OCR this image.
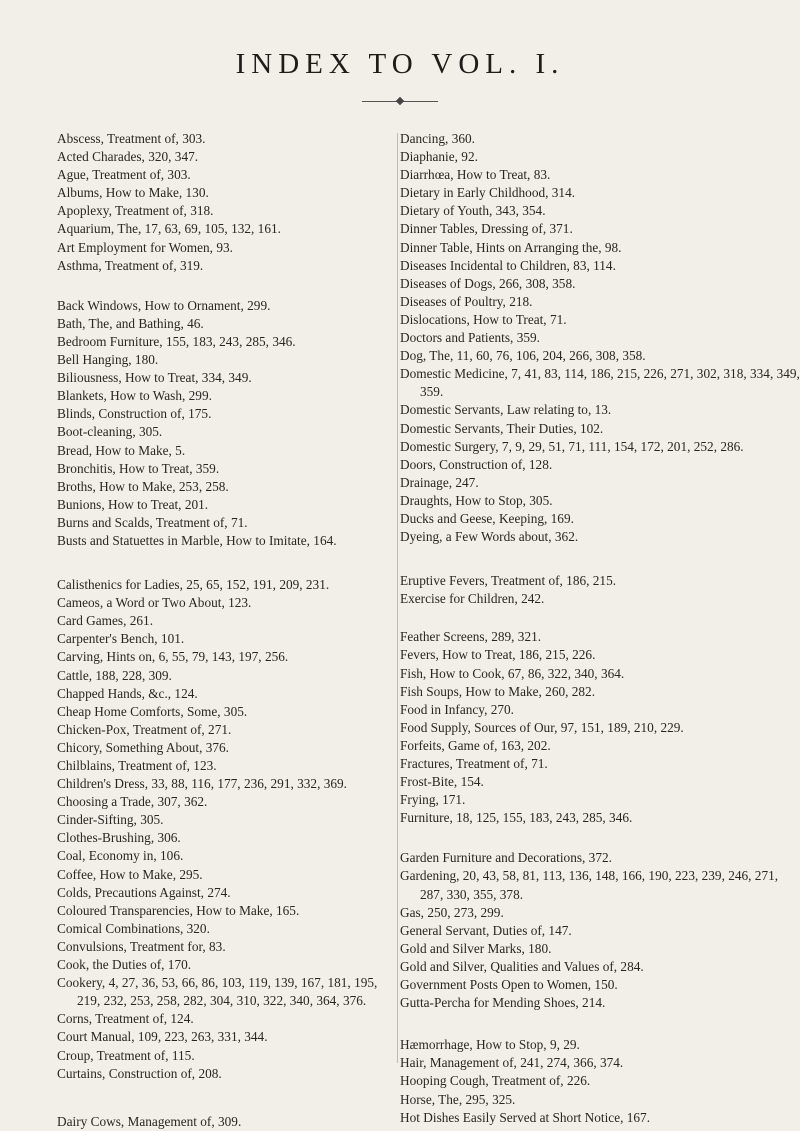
INDEX TO VOL. I.
Abscess, Treatment of, 303.
Acted Charades, 320, 347.
Ague, Treatment of, 303.
Albums, How to Make, 130.
Apoplexy, Treatment of, 318.
Aquarium, The, 17, 63, 69, 105, 132, 161.
Art Employment for Women, 93.
Asthma, Treatment of, 319.
Back Windows, How to Ornament, 299.
Bath, The, and Bathing, 46.
Bedroom Furniture, 155, 183, 243, 285, 346.
Bell Hanging, 180.
Biliousness, How to Treat, 334, 349.
Blankets, How to Wash, 299.
Blinds, Construction of, 175.
Boot-cleaning, 305.
Bread, How to Make, 5.
Bronchitis, How to Treat, 359.
Broths, How to Make, 253, 258.
Bunions, How to Treat, 201.
Burns and Scalds, Treatment of, 71.
Busts and Statuettes in Marble, How to Imitate, 164.
Calisthenics for Ladies, 25, 65, 152, 191, 209, 231.
Cameos, a Word or Two About, 123.
Card Games, 261.
Carpenter's Bench, 101.
Carving, Hints on, 6, 55, 79, 143, 197, 256.
Cattle, 188, 228, 309.
Chapped Hands, &c., 124.
Cheap Home Comforts, Some, 305.
Chicken-Pox, Treatment of, 271.
Chicory, Something About, 376.
Chilblains, Treatment of, 123.
Children's Dress, 33, 88, 116, 177, 236, 291, 332, 369.
Choosing a Trade, 307, 362.
Cinder-Sifting, 305.
Clothes-Brushing, 306.
Coal, Economy in, 106.
Coffee, How to Make, 295.
Colds, Precautions Against, 274.
Coloured Transparencies, How to Make, 165.
Comical Combinations, 320.
Convulsions, Treatment for, 83.
Cook, the Duties of, 170.
Cookery, 4, 27, 36, 53, 66, 86, 103, 119, 139, 167, 181, 195, 219, 232, 253, 258, 282, 304, 310, 322, 340, 364, 376.
Corns, Treatment of, 124.
Court Manual, 109, 223, 263, 331, 344.
Croup, Treatment of, 115.
Curtains, Construction of, 208.
Dairy Cows, Management of, 309.
Dancing, 360.
Diaphanie, 92.
Diarrhœa, How to Treat, 83.
Dietary in Early Childhood, 314.
Dietary of Youth, 343, 354.
Dinner Tables, Dressing of, 371.
Dinner Table, Hints on Arranging the, 98.
Diseases Incidental to Children, 83, 114.
Diseases of Dogs, 266, 308, 358.
Diseases of Poultry, 218.
Dislocations, How to Treat, 71.
Doctors and Patients, 359.
Dog, The, 11, 60, 76, 106, 204, 266, 308, 358.
Domestic Medicine, 7, 41, 83, 114, 186, 215, 226, 271, 302, 318, 334, 349, 359.
Domestic Servants, Law relating to, 13.
Domestic Servants, Their Duties, 102.
Domestic Surgery, 7, 9, 29, 51, 71, 111, 154, 172, 201, 252, 286.
Doors, Construction of, 128.
Drainage, 247.
Draughts, How to Stop, 305.
Ducks and Geese, Keeping, 169.
Dyeing, a Few Words about, 362.
Eruptive Fevers, Treatment of, 186, 215.
Exercise for Children, 242.
Feather Screens, 289, 321.
Fevers, How to Treat, 186, 215, 226.
Fish, How to Cook, 67, 86, 322, 340, 364.
Fish Soups, How to Make, 260, 282.
Food in Infancy, 270.
Food Supply, Sources of Our, 97, 151, 189, 210, 229.
Forfeits, Game of, 163, 202.
Fractures, Treatment of, 71.
Frost-Bite, 154.
Frying, 171.
Furniture, 18, 125, 155, 183, 243, 285, 346.
Garden Furniture and Decorations, 372.
Gardening, 20, 43, 58, 81, 113, 136, 148, 166, 190, 223, 239, 246, 271, 287, 330, 355, 378.
Gas, 250, 273, 299.
General Servant, Duties of, 147.
Gold and Silver Marks, 180.
Gold and Silver, Qualities and Values of, 284.
Government Posts Open to Women, 150.
Gutta-Percha for Mending Shoes, 214.
Hæmorrhage, How to Stop, 9, 29.
Hair, Management of, 241, 274, 366, 374.
Hooping Cough, Treatment of, 226.
Horse, The, 295, 325.
Hot Dishes Easily Served at Short Notice, 167.
